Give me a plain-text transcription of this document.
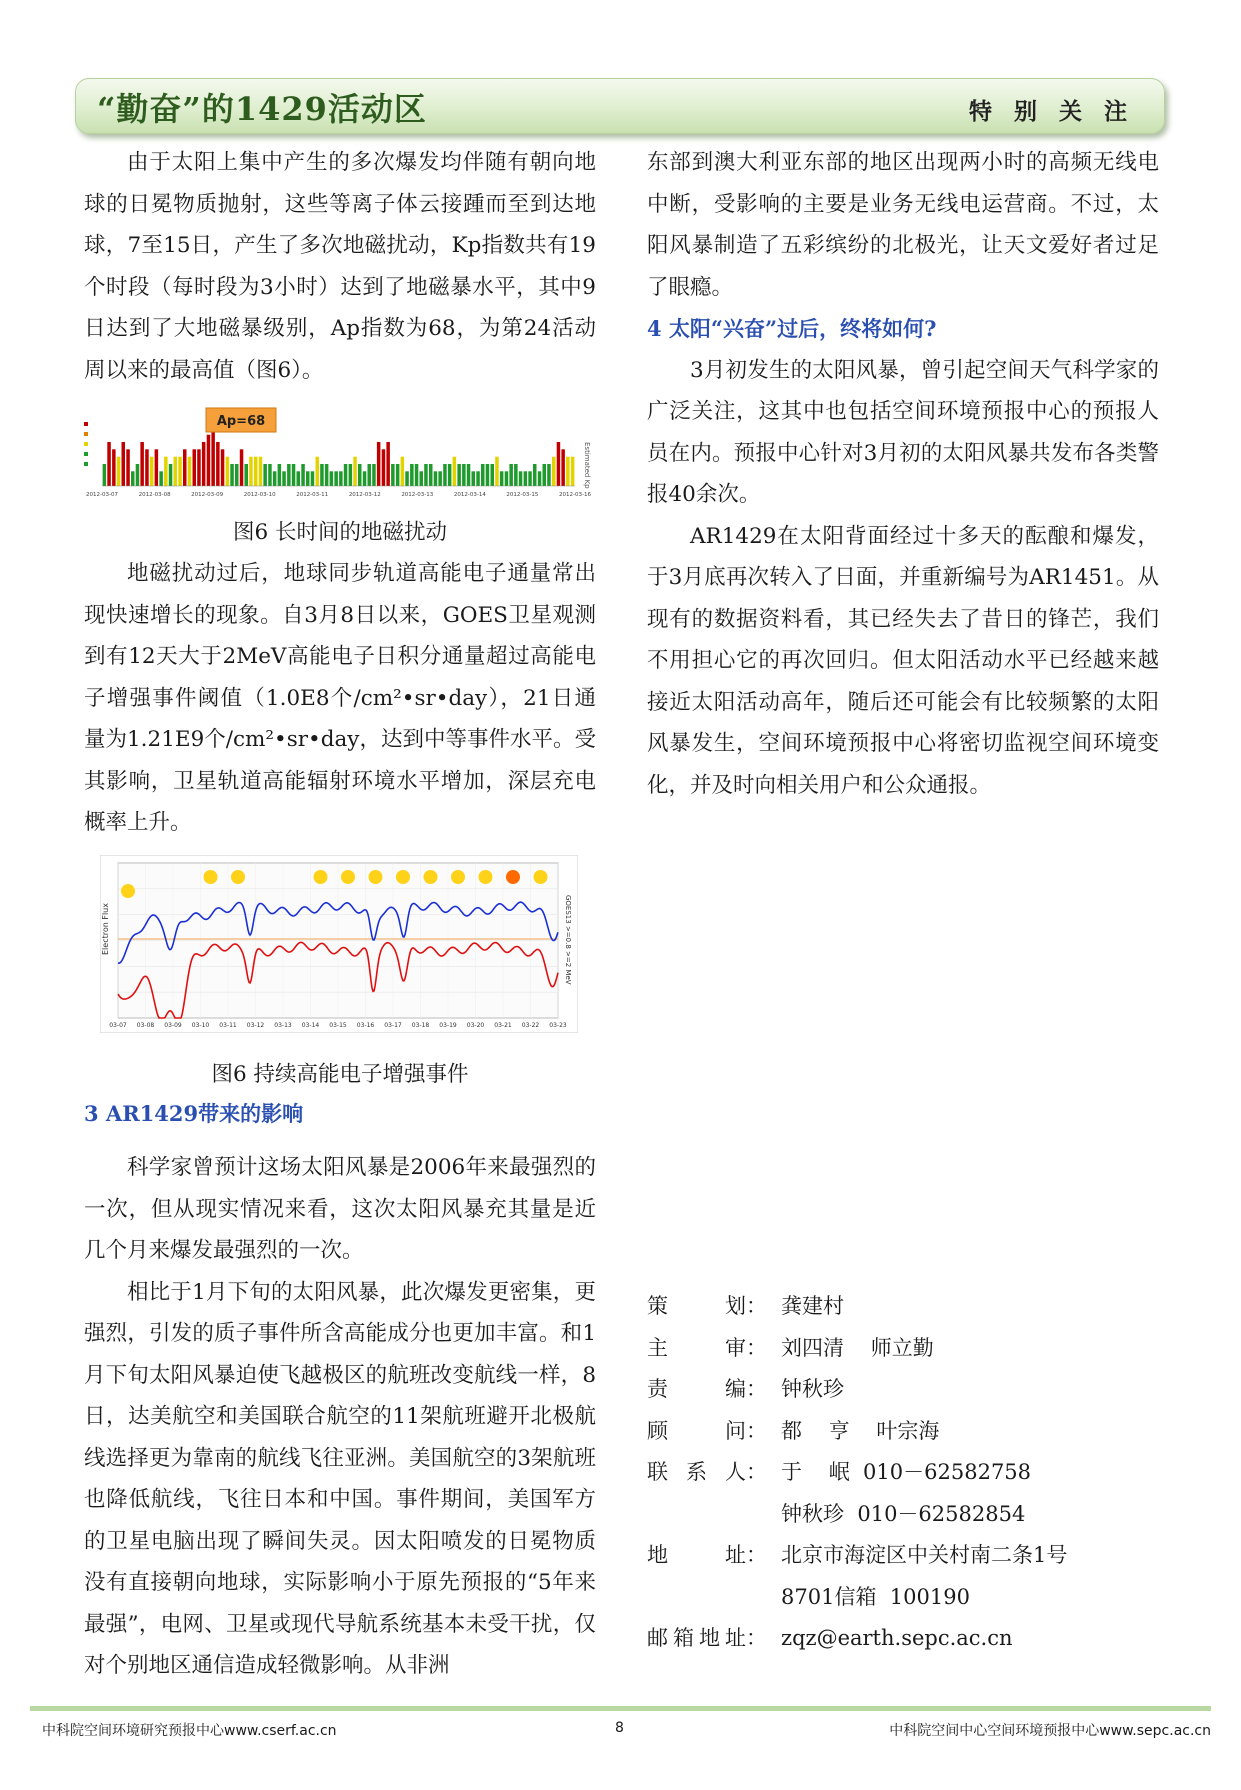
“勤奋”的1429活动区	特别关注

由于太阳上集中产生的多次爆发均伴随有朝向地球的日冕物质抛射，这些等离子体云接踵而至到达地球，7至15日，产生了多次地磁扰动，Kp指数共有19个时段（每时段为3小时）达到了地磁暴水平，其中9日达到了大地磁暴级别，Ap指数为68，为第24活动周以来的最高值（图6）。

2012-03-07	2012-03-08	2012-03-09	2012-03-10	2012-03-11	2012-03-12	2012-03-13	2012-03-14	2012-03-15	2012-03-16
Ap=68
Estimated Kp
图6 长时间的地磁扰动

地磁扰动过后，地球同步轨道高能电子通量常出现快速增长的现象。自3月8日以来，GOES卫星观测到有12天大于2MeV高能电子日积分通量超过高能电子增强事件阈值（1.0E8个/cm²•sr•day），21日通量为1.21E9个/cm²•sr•day，达到中等事件水平。受其影响，卫星轨道高能辐射环境水平增加，深层充电概率上升。

03-07 03-08 03-09 03-10 03-11 03-12 03-13 03-14 03-15 03-16 03-17 03-18 03-19 03-20 03-21 03-22 03-23
Electron Flux	GOES13 >=0.8 >=2 MeV
图6 持续高能电子增强事件
3 AR1429带来的影响

科学家曾预计这场太阳风暴是2006年来最强烈的一次，但从现实情况来看，这次太阳风暴充其量是近几个月来爆发最强烈的一次。

相比于1月下旬的太阳风暴，此次爆发更密集，更强烈，引发的质子事件所含高能成分也更加丰富。和1月下旬太阳风暴迫使飞越极区的航班改变航线一样，8日，达美航空和美国联合航空的11架航班避开北极航线选择更为靠南的航线飞往亚洲。美国航空的3架航班也降低航线，飞往日本和中国。事件期间，美国军方的卫星电脑出现了瞬间失灵。因太阳喷发的日冕物质没有直接朝向地球，实际影响小于原先预报的“5年来最强”，电网、卫星或现代导航系统基本未受干扰，仅对个别地区通信造成轻微影响。从非洲

东部到澳大利亚东部的地区出现两小时的高频无线电中断，受影响的主要是业务无线电运营商。不过，太阳风暴制造了五彩缤纷的北极光，让天文爱好者过足了眼瘾。

4 太阳“兴奋”过后，终将如何?

3月初发生的太阳风暴，曾引起空间天气科学家的广泛关注，这其中也包括空间环境预报中心的预报人员在内。预报中心针对3月初的太阳风暴共发布各类警报40余次。

AR1429在太阳背面经过十多天的酝酿和爆发，于3月底再次转入了日面，并重新编号为AR1451。从现有的数据资料看，其已经失去了昔日的锋芒，我们不用担心它的再次回归。但太阳活动水平已经越来越接近太阳活动高年，随后还可能会有比较频繁的太阳风暴发生，空间环境预报中心将密切监视空间环境变化，并及时向相关用户和公众通报。

策	划： 龚建村
主	审： 刘四清    师立勤
责	编： 钟秋珍
顾	问： 都    亨    叶宗海
联 系 人： 于    岷  010－62582758
钟秋珍  010－62582854
地	址： 北京市海淀区中关村南二条1号
8701信箱  100190
邮 箱 地 址： zqz@earth.sepc.ac.cn
中科院空间环境研究预报中心www.cserf.ac.cn	8	中科院空间中心空间环境预报中心www.sepc.ac.cn
